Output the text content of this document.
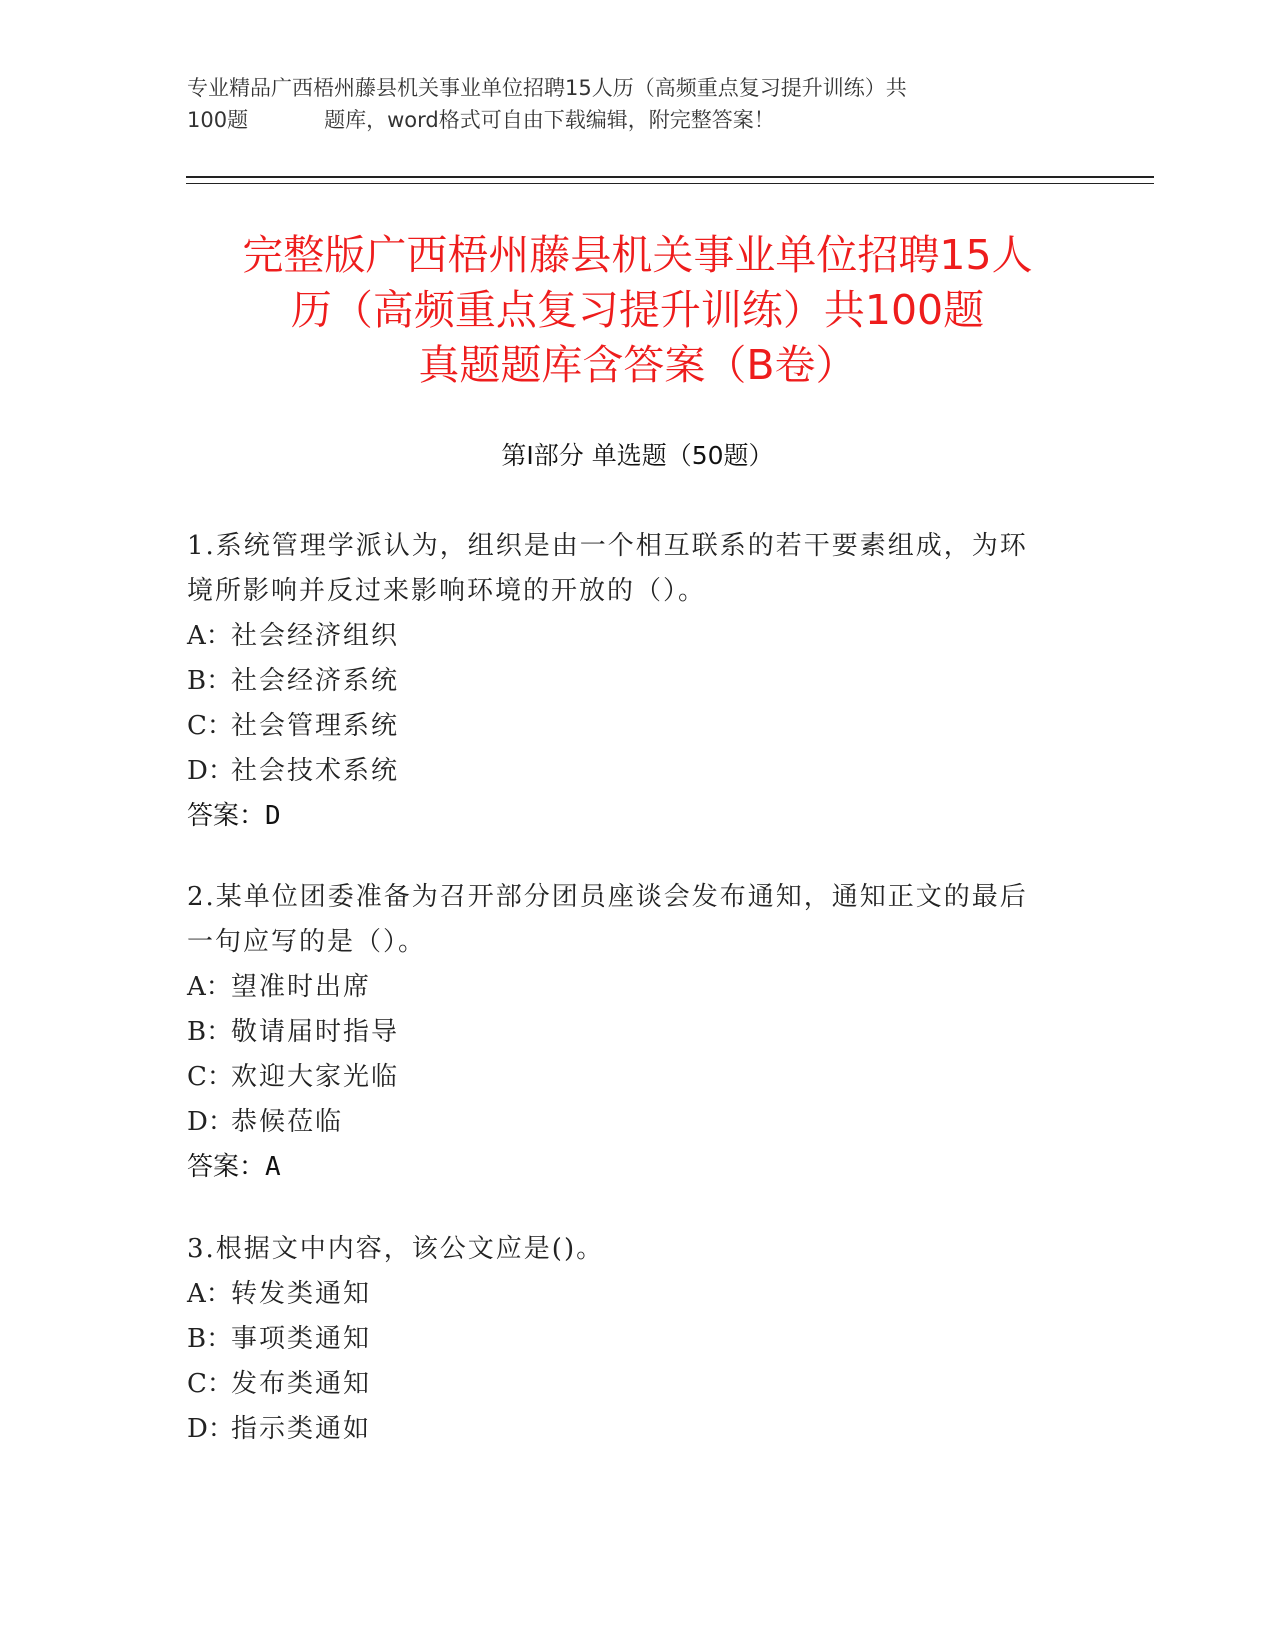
专业精品广西梧州藤县机关事业单位招聘15人历（高频重点复习提升训练）共
100题	题库，word格式可自由下载编辑，附完整答案！
完整版广西梧州藤县机关事业单位招聘15人
历（高频重点复习提升训练）共100题
真题题库含答案（B卷）
第Ⅰ部分 单选题（50题）
1.系统管理学派认为，组织是由一个相互联系的若干要素组成，为环
境所影响并反过来影响环境的开放的（）。
A：社会经济组织
B：社会经济系统
C：社会管理系统
D：社会技术系统
答案：D
2.某单位团委准备为召开部分团员座谈会发布通知，通知正文的最后
一句应写的是（）。
A：望准时出席
B：敬请届时指导
C：欢迎大家光临
D：恭候莅临
答案：A
3.根据文中内容，该公文应是()。
A：转发类通知
B：事项类通知
C：发布类通知
D：指示类通如
